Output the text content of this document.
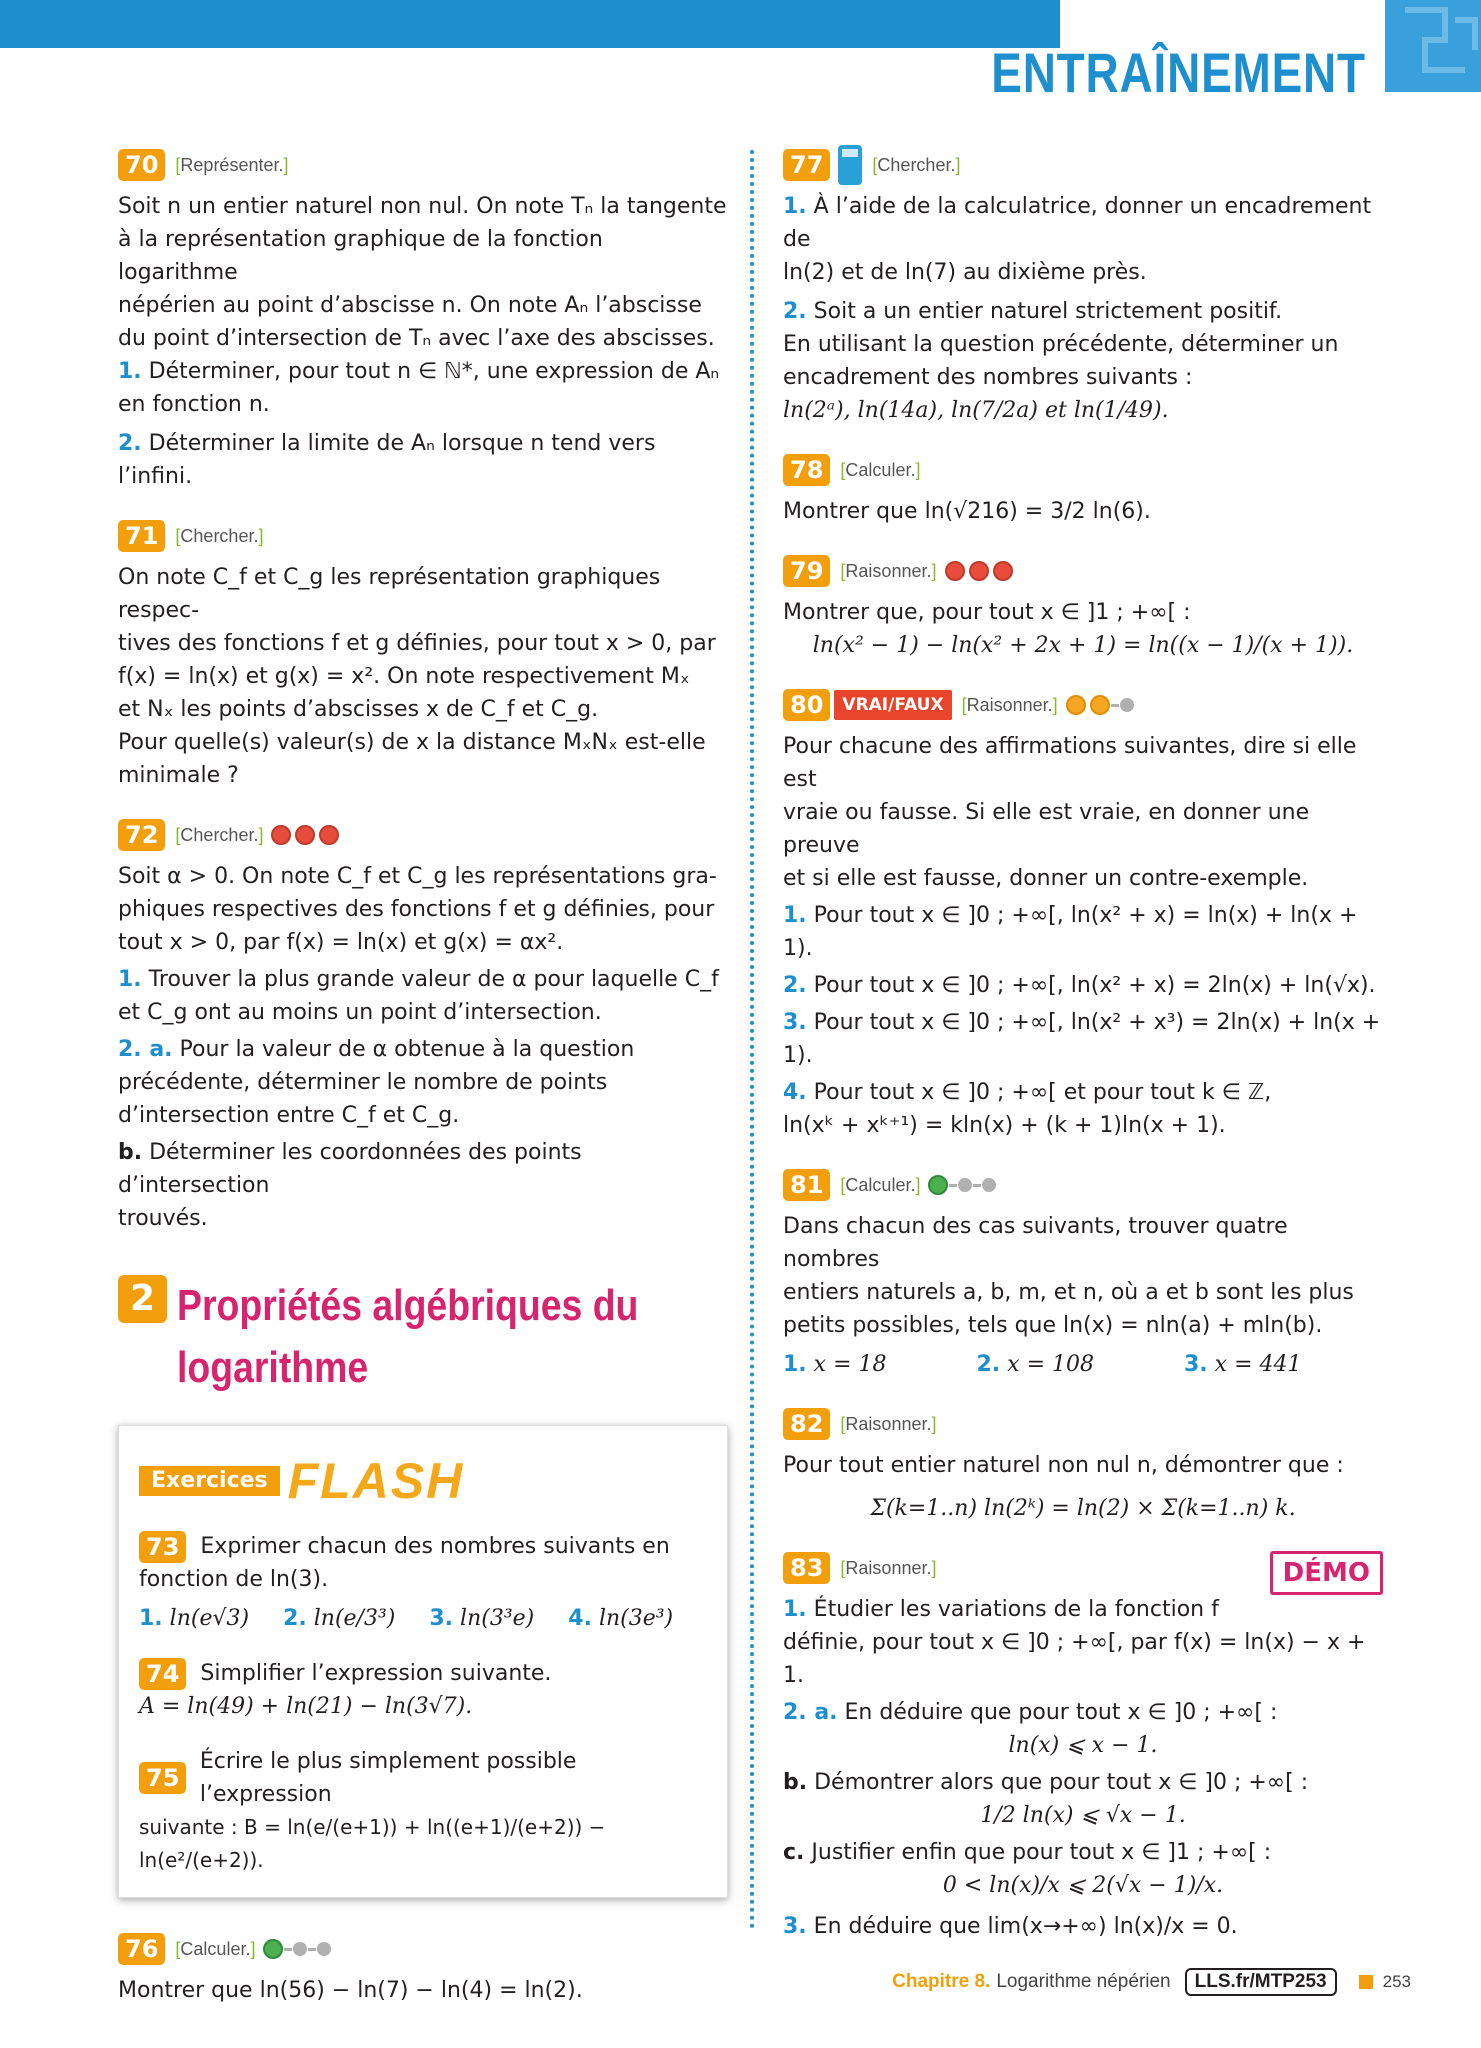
ENTRAÎNEMENT
70 [Représenter.]

Soit n un entier naturel non nul. On note Tₙ la tangente

à la représentation graphique de la fonction logarithme

népérien au point d’abscisse n. On note Aₙ l’abscisse

du point d’intersection de Tₙ avec l’axe des abscisses.

1. Déterminer, pour tout n ∈ ℕ*, une expression de Aₙ

en fonction n.

2. Déterminer la limite de Aₙ lorsque n tend vers l’infini.

71 [Chercher.]

On note C_f et C_g les représentation graphiques respec-

tives des fonctions f et g définies, pour tout x > 0, par

f(x) = ln(x) et g(x) = x². On note respectivement Mₓ

et Nₓ les points d’abscisses x de C_f et C_g.

Pour quelle(s) valeur(s) de x la distance MₓNₓ est-elle

minimale ?

72 [Chercher.]

Soit α > 0. On note C_f et C_g les représentations gra-

phiques respectives des fonctions f et g définies, pour

tout x > 0, par f(x) = ln(x) et g(x) = αx².

1. Trouver la plus grande valeur de α pour laquelle C_f

et C_g ont au moins un point d’intersection.

2. a. Pour la valeur de α obtenue à la question

précédente, déterminer le nombre de points

d’intersection entre C_f et C_g.

b. Déterminer les coordonnées des points d’intersection

trouvés.

2 Propriétés algébriques du logarithme
Exercices FLASH
73 Exprimer chacun des nombres suivants en

fonction de ln(3).

1. ln(e√3) 2. ln(e/3³) 3. ln(3³e) 4. ln(3e³)

74 Simplifier l’expression suivante.

A = ln(49) + ln(21) − ln(3√7).

75

Écrire le plus simplement possible l’expression

suivante : B = ln(e/(e+1)) + ln((e+1)/(e+2)) − ln(e²/(e+2)).

76 [Calculer.]

Montrer que ln(56) − ln(7) − ln(4) = ln(2).

77	[Chercher.]

1. À l’aide de la calculatrice, donner un encadrement de

ln(2) et de ln(7) au dixième près.

2. Soit a un entier naturel strictement positif.

En utilisant la question précédente, déterminer un

encadrement des nombres suivants :

ln(2ᵃ), ln(14a), ln(7/2a) et ln(1/49).

78 [Calculer.]

Montrer que ln(√216) = 3/2 ln(6).

79 [Raisonner.]

Montrer que, pour tout x ∈ ]1 ; +∞[ :

ln(x² − 1) − ln(x² + 2x + 1) = ln((x − 1)/(x + 1)).

80	VRAI/FAUX	[Raisonner.]

Pour chacune des affirmations suivantes, dire si elle est

vraie ou fausse. Si elle est vraie, en donner une preuve

et si elle est fausse, donner un contre-exemple.

1. Pour tout x ∈ ]0 ; +∞[, ln(x² + x) = ln(x) + ln(x + 1).

2. Pour tout x ∈ ]0 ; +∞[, ln(x² + x) = 2ln(x) + ln(√x).

3. Pour tout x ∈ ]0 ; +∞[, ln(x² + x³) = 2ln(x) + ln(x + 1).

4. Pour tout x ∈ ]0 ; +∞[ et pour tout k ∈ ℤ,

ln(xᵏ + xᵏ⁺¹) = kln(x) + (k + 1)ln(x + 1).

81 [Calculer.]

Dans chacun des cas suivants, trouver quatre nombres

entiers naturels a, b, m, et n, où a et b sont les plus

petits possibles, tels que ln(x) = nln(a) + mln(b).

1. x = 18	2. x = 108	3. x = 441

82 [Raisonner.]

Pour tout entier naturel non nul n, démontrer que :

Σ(k=1..n) ln(2ᵏ) = ln(2) × Σ(k=1..n) k.

DÉMO
83 [Raisonner.]

1. Étudier les variations de la fonction f

définie, pour tout x ∈ ]0 ; +∞[, par f(x) = ln(x) − x + 1.

2. a. En déduire que pour tout x ∈ ]0 ; +∞[ :

ln(x) ⩽ x − 1.

b. Démontrer alors que pour tout x ∈ ]0 ; +∞[ :

1/2 ln(x) ⩽ √x − 1.

c. Justifier enfin que pour tout x ∈ ]1 ; +∞[ :

0 < ln(x)/x ⩽ 2(√x − 1)/x.

3. En déduire que lim(x→+∞) ln(x)/x = 0.

Chapitre 8. Logarithme népérien	LLS.fr/MTP253	253
